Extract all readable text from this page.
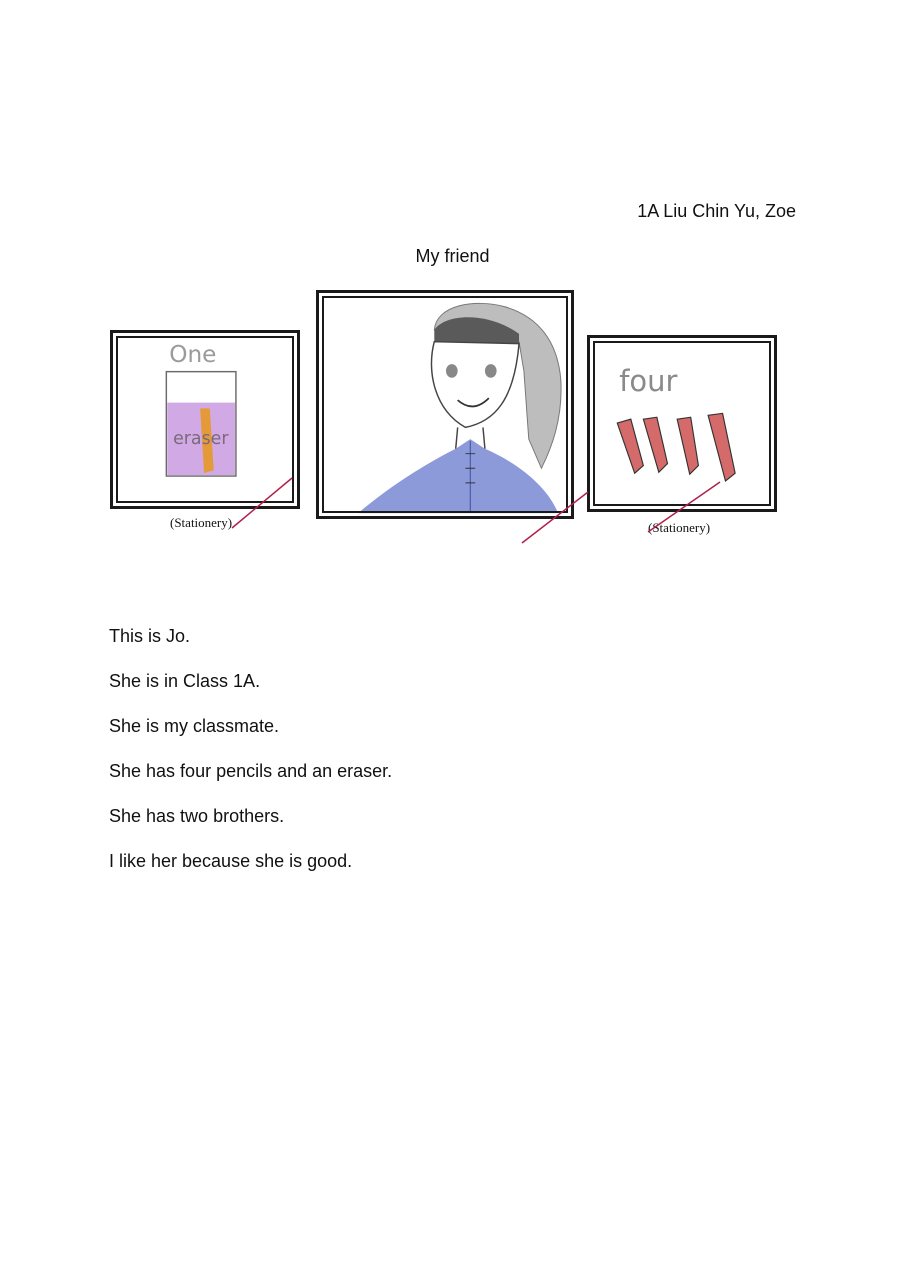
1A Liu Chin Yu, Zoe
My friend
One
eraser
(Stationery)
four
(Stationery)
This is Jo.
She is in Class 1A.
She is my classmate.
She has four pencils and an eraser.
She has two brothers.
I like her because she is good.
